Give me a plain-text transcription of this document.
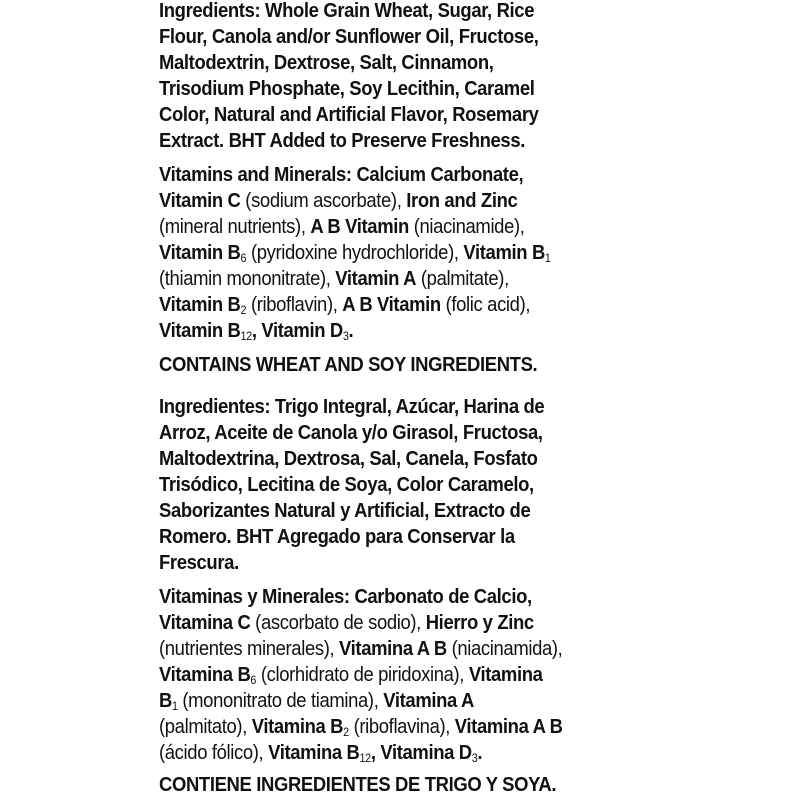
Ingredients: Whole Grain Wheat, Sugar, Rice
Flour, Canola and/or Sunflower Oil, Fructose,
Maltodextrin, Dextrose, Salt, Cinnamon,
Trisodium Phosphate, Soy Lecithin, Caramel
Color, Natural and Artificial Flavor, Rosemary
Extract. BHT Added to Preserve Freshness.
Vitamins and Minerals: Calcium Carbonate,
Vitamin C (sodium ascorbate), Iron and Zinc
(mineral nutrients), A B Vitamin (niacinamide),
Vitamin $B_6$ (pyridoxine hydrochloride), Vitamin $B_1$
(thiamin mononitrate), Vitamin A (palmitate),
Vitamin $B_2$ (riboflavin), A B Vitamin (folic acid),
Vitamin $B_{12}$, Vitamin $D_3$.
CONTAINS WHEAT AND SOY INGREDIENTS.
Ingredientes: Trigo Integral, Azúcar, Harina de
Arroz, Aceite de Canola y/o Girasol, Fructosa,
Maltodextrina, Dextrosa, Sal, Canela, Fosfato
Trisódico, Lecitina de Soya, Color Caramelo,
Saborizantes Natural y Artificial, Extracto de
Romero. BHT Agregado para Conservar la
Frescura.
Vitaminas y Minerales: Carbonato de Calcio,
Vitamina C (ascorbato de sodio), Hierro y Zinc
(nutrientes minerales), Vitamina A B (niacinamida),
Vitamina $B_6$ (clorhidrato de piridoxina), Vitamina
$B_1$ (mononitrato de tiamina), Vitamina A
(palmitato), Vitamina $B_2$ (riboflavina), Vitamina A B
(ácido fólico), Vitamina $B_{12}$, Vitamina $D_3$.
CONTIENE INGREDIENTES DE TRIGO Y SOYA.
